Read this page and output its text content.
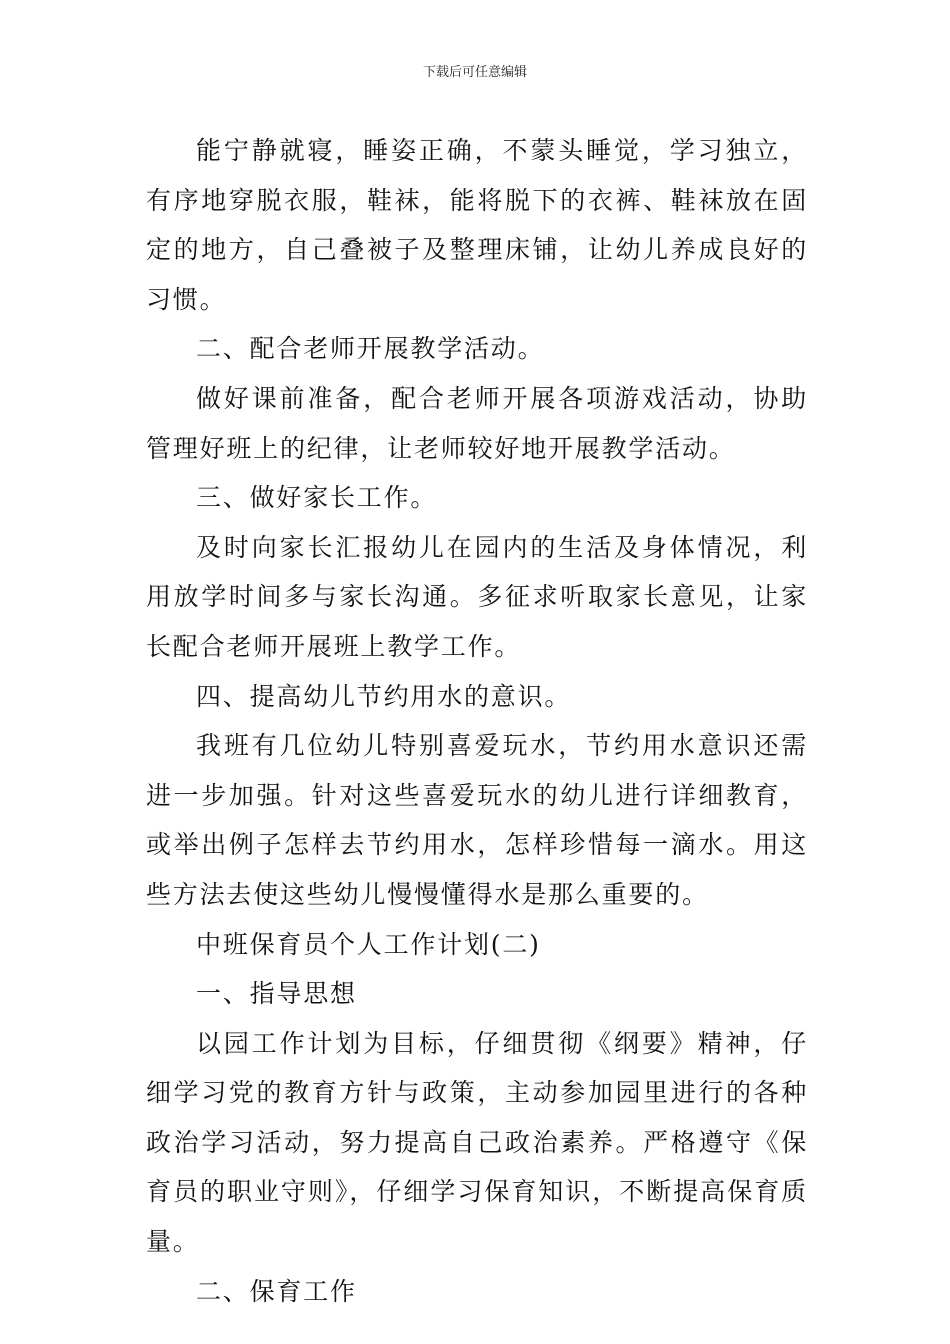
下载后可任意编辑

能宁静就寝，睡姿正确，不蒙头睡觉，学习独立，有序地穿脱衣服，鞋袜，能将脱下的衣裤、鞋袜放在固定的地方，自己叠被子及整理床铺，让幼儿养成良好的习惯。

二、配合老师开展教学活动。

做好课前准备，配合老师开展各项游戏活动，协助管理好班上的纪律，让老师较好地开展教学活动。

三、做好家长工作。

及时向家长汇报幼儿在园内的生活及身体情况，利用放学时间多与家长沟通。多征求听取家长意见，让家长配合老师开展班上教学工作。

四、提高幼儿节约用水的意识。

我班有几位幼儿特别喜爱玩水，节约用水意识还需进一步加强。针对这些喜爱玩水的幼儿进行详细教育，或举出例子怎样去节约用水，怎样珍惜每一滴水。用这些方法去使这些幼儿慢慢懂得水是那么重要的。

中班保育员个人工作计划(二)

一、指导思想

以园工作计划为目标，仔细贯彻《纲要》精神，仔细学习党的教育方针与政策，主动参加园里进行的各种政治学习活动，努力提高自己政治素养。严格遵守《保育员的职业守则》，仔细学习保育知识，不断提高保育质量。

二、保育工作
